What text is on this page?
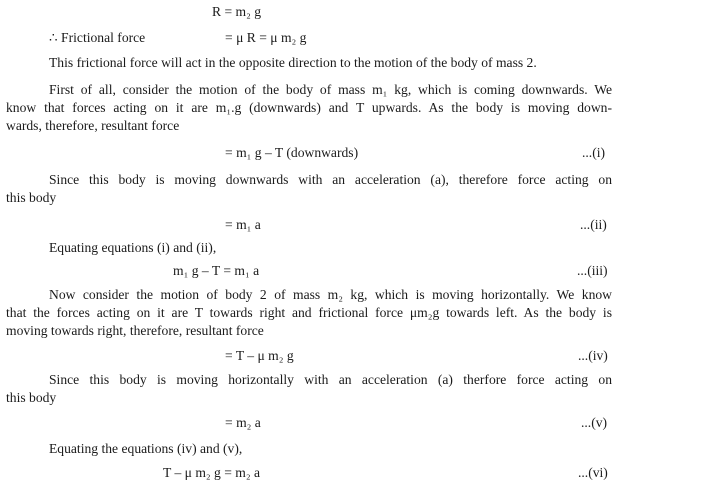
R = m₂ g
∴ Frictional force	= μ R = μ m₂ g
This frictional force will act in the opposite direction to the motion of the body of mass 2.
First of all, consider the motion of the body of mass m₁ kg, which is coming downwards. We
know that forces acting on it are m₁.g (downwards) and T upwards. As the body is moving down-
wards, therefore, resultant force
= m₁ g – T (downwards)	...(i)
Since this body is moving downwards with an acceleration (a), therefore force acting on
this body
= m₁ a	...(ii)
Equating equations (i) and (ii),
m₁ g – T = m₁ a	...(iii)
Now consider the motion of body 2 of mass m₂ kg, which is moving horizontally. We know
that the forces acting on it are T towards right and frictional force μm₂g towards left. As the body is
moving towards right, therefore, resultant force
= T – μ m₂ g	...(iv)
Since this body is moving horizontally with an acceleration (a) therfore force acting on
this body
= m₂ a	...(v)
Equating the equations (iv) and (v),
T – μ m₂ g = m₂ a	...(vi)
